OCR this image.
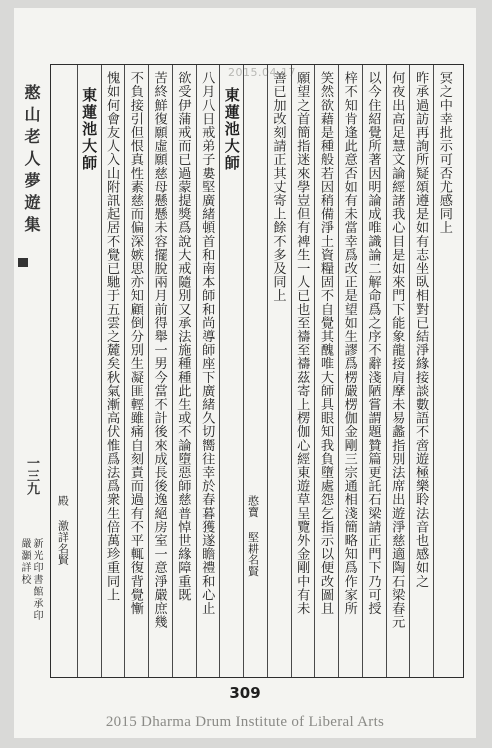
2015.04.17
憨山老人夢遊集
一三九
新光印書館承印
嚴灝詳校
冥之中幸批示可否尤感同上
昨承過訪再詢所疑頌遵是如有志坐臥相對已結淨緣接談數語不啻遊極樂聆法音也感如之
何夜出高足慧文論經諸我心目是如來門下能象龍接肩摩未易蠡指別法席出遊淨慈適陶石梁春元
以今住紹覺所著因明論成唯識論二解命爲之序不辭淺陋嘗謂題贊篇更託石梁請正門下乃可授
梓不知肯逢此意否如有未當幸爲改正是望如生謬爲楞嚴楞伽金剛三宗通相淺簡略知爲作家所
笑然欲藉是種般若因稍備淨土資糧固不自覺其醜唯大師具眼知我負墮處怨乞指示以便改圖且
願望之首簡指迷來學豈但有裨生一人已也至禱至禱茲寄上楞伽心經東遊草呈覽外金剛中有未
善已加改刻請正其丈寄上餘不多及同上
憨寶 堅耕名賢
東蓮池大師
八月八日戒弟子婁堅廣緒頓首和南本師和尚導師座下廣緒久切嚮往幸於春暮獲遂瞻禮和心止
欲受伊蒲戒而已過蒙提獎爲說大戒隨別又承法施種種此生或不論墮惡師慈普悼世緣障重既
苦終鮮復願虛願慈母懸懸未容擺脫兩月前得舉一男今當不計後來成長後逸絕房室一意淨嚴庶幾
不負接引但恨真性素慈而偏深嫉思亦知顧倒分別生凝匪輕雖痛自刻責而過有不平輒復背覺慚
愧如何會友人入山附訊起居不覺已馳于五雲之麓矣秋氣漸高伏惟爲法爲衆生倍萬珍重同上
東蓮池大師
殿 激詳名賢
309
2015 Dharma Drum Institute of Liberal Arts
